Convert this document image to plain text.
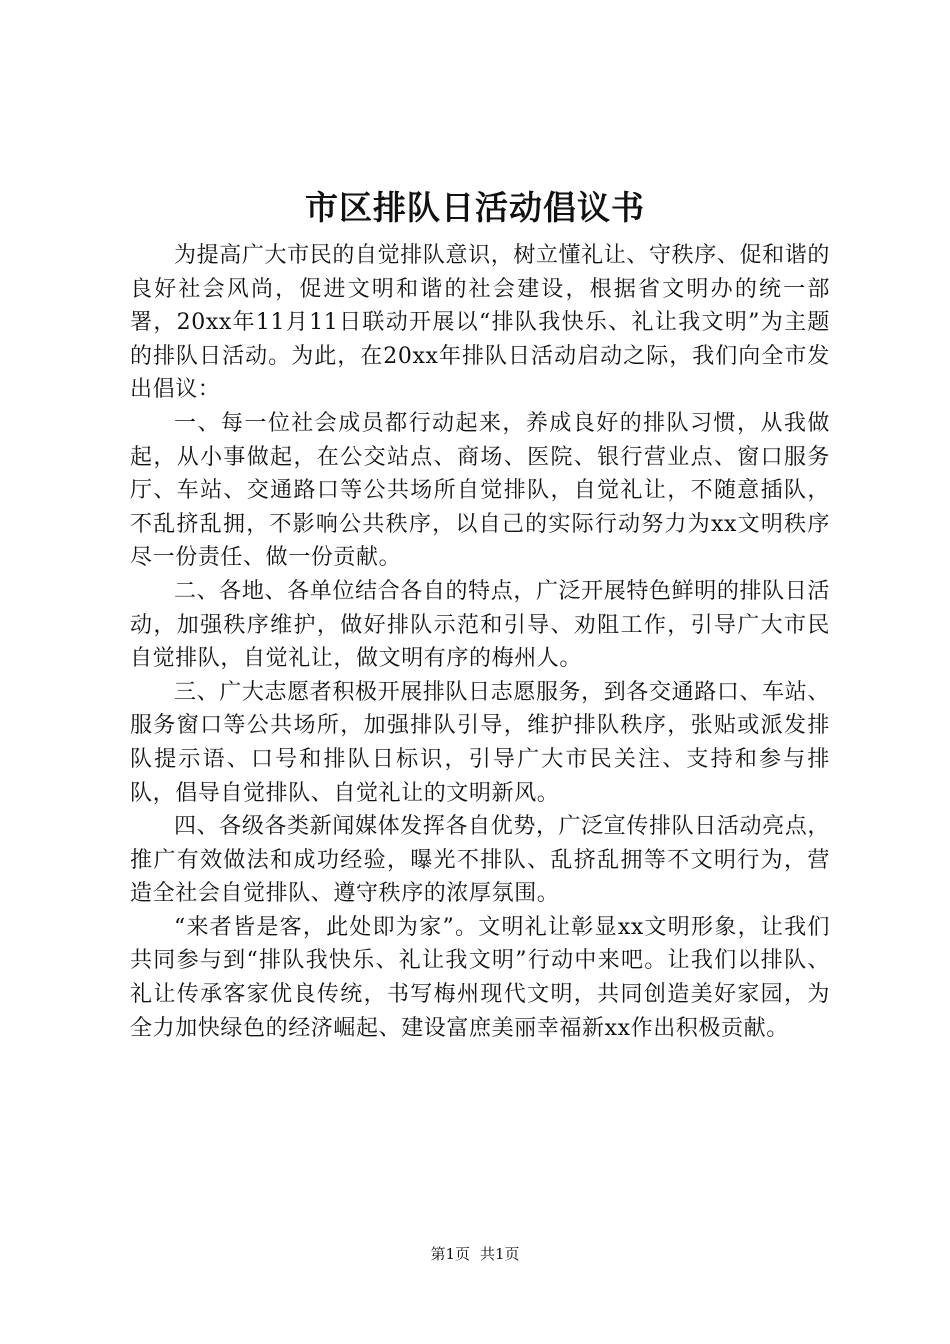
市区排队日活动倡议书

为提高广大市民的自觉排队意识，树立懂礼让、守秩序、促和谐的良好社会风尚，促进文明和谐的社会建设，根据省文明办的统一部署，20xx年11月11日联动开展以“排队我快乐、礼让我文明”为主题的排队日活动。为此，在20xx年排队日活动启动之际，我们向全市发出倡议：

一、每一位社会成员都行动起来，养成良好的排队习惯，从我做起，从小事做起，在公交站点、商场、医院、银行营业点、窗口服务厅、车站、交通路口等公共场所自觉排队，自觉礼让，不随意插队，不乱挤乱拥，不影响公共秩序，以自己的实际行动努力为xx文明秩序尽一份责任、做一份贡献。

二、各地、各单位结合各自的特点，广泛开展特色鲜明的排队日活动，加强秩序维护，做好排队示范和引导、劝阻工作，引导广大市民自觉排队，自觉礼让，做文明有序的梅州人。

三、广大志愿者积极开展排队日志愿服务，到各交通路口、车站、服务窗口等公共场所，加强排队引导，维护排队秩序，张贴或派发排队提示语、口号和排队日标识，引导广大市民关注、支持和参与排队，倡导自觉排队、自觉礼让的文明新风。

四、各级各类新闻媒体发挥各自优势，广泛宣传排队日活动亮点，推广有效做法和成功经验，曝光不排队、乱挤乱拥等不文明行为，营造全社会自觉排队、遵守秩序的浓厚氛围。

“来者皆是客，此处即为家”。文明礼让彰显xx文明形象，让我们共同参与到“排队我快乐、礼让我文明”行动中来吧。让我们以排队、礼让传承客家优良传统，书写梅州现代文明，共同创造美好家园，为全力加快绿色的经济崛起、建设富庶美丽幸福新xx作出积极贡献。

第1页 共1页
